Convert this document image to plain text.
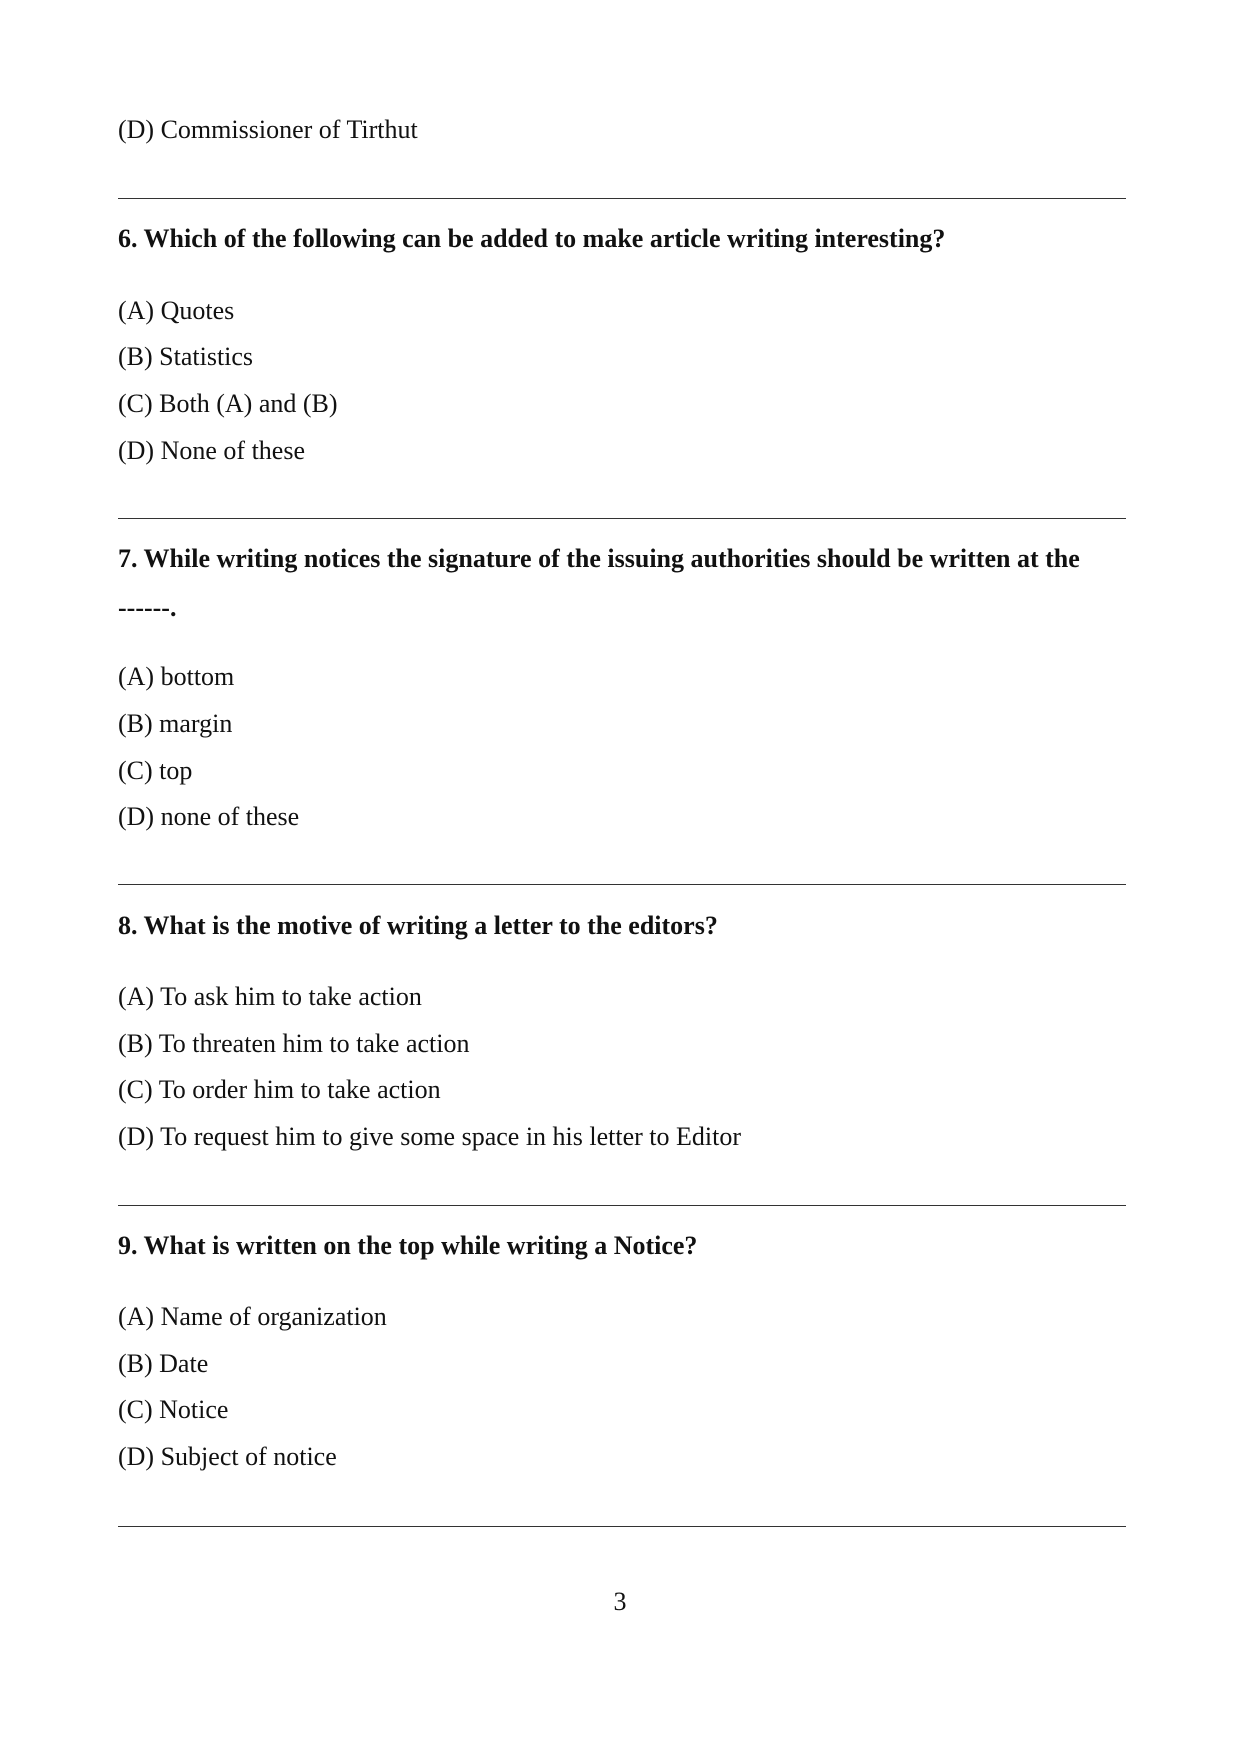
(D) Commissioner of Tirthut
6. Which of the following can be added to make article writing interesting?
(A) Quotes
(B) Statistics
(C) Both (A) and (B)
(D) None of these
7. While writing notices the signature of the issuing authorities should be written at the
------.
(A) bottom
(B) margin
(C) top
(D) none of these
8. What is the motive of writing a letter to the editors?
(A) To ask him to take action
(B) To threaten him to take action
(C) To order him to take action
(D) To request him to give some space in his letter to Editor
9. What is written on the top while writing a Notice?
(A) Name of organization
(B) Date
(C) Notice
(D) Subject of notice
3
